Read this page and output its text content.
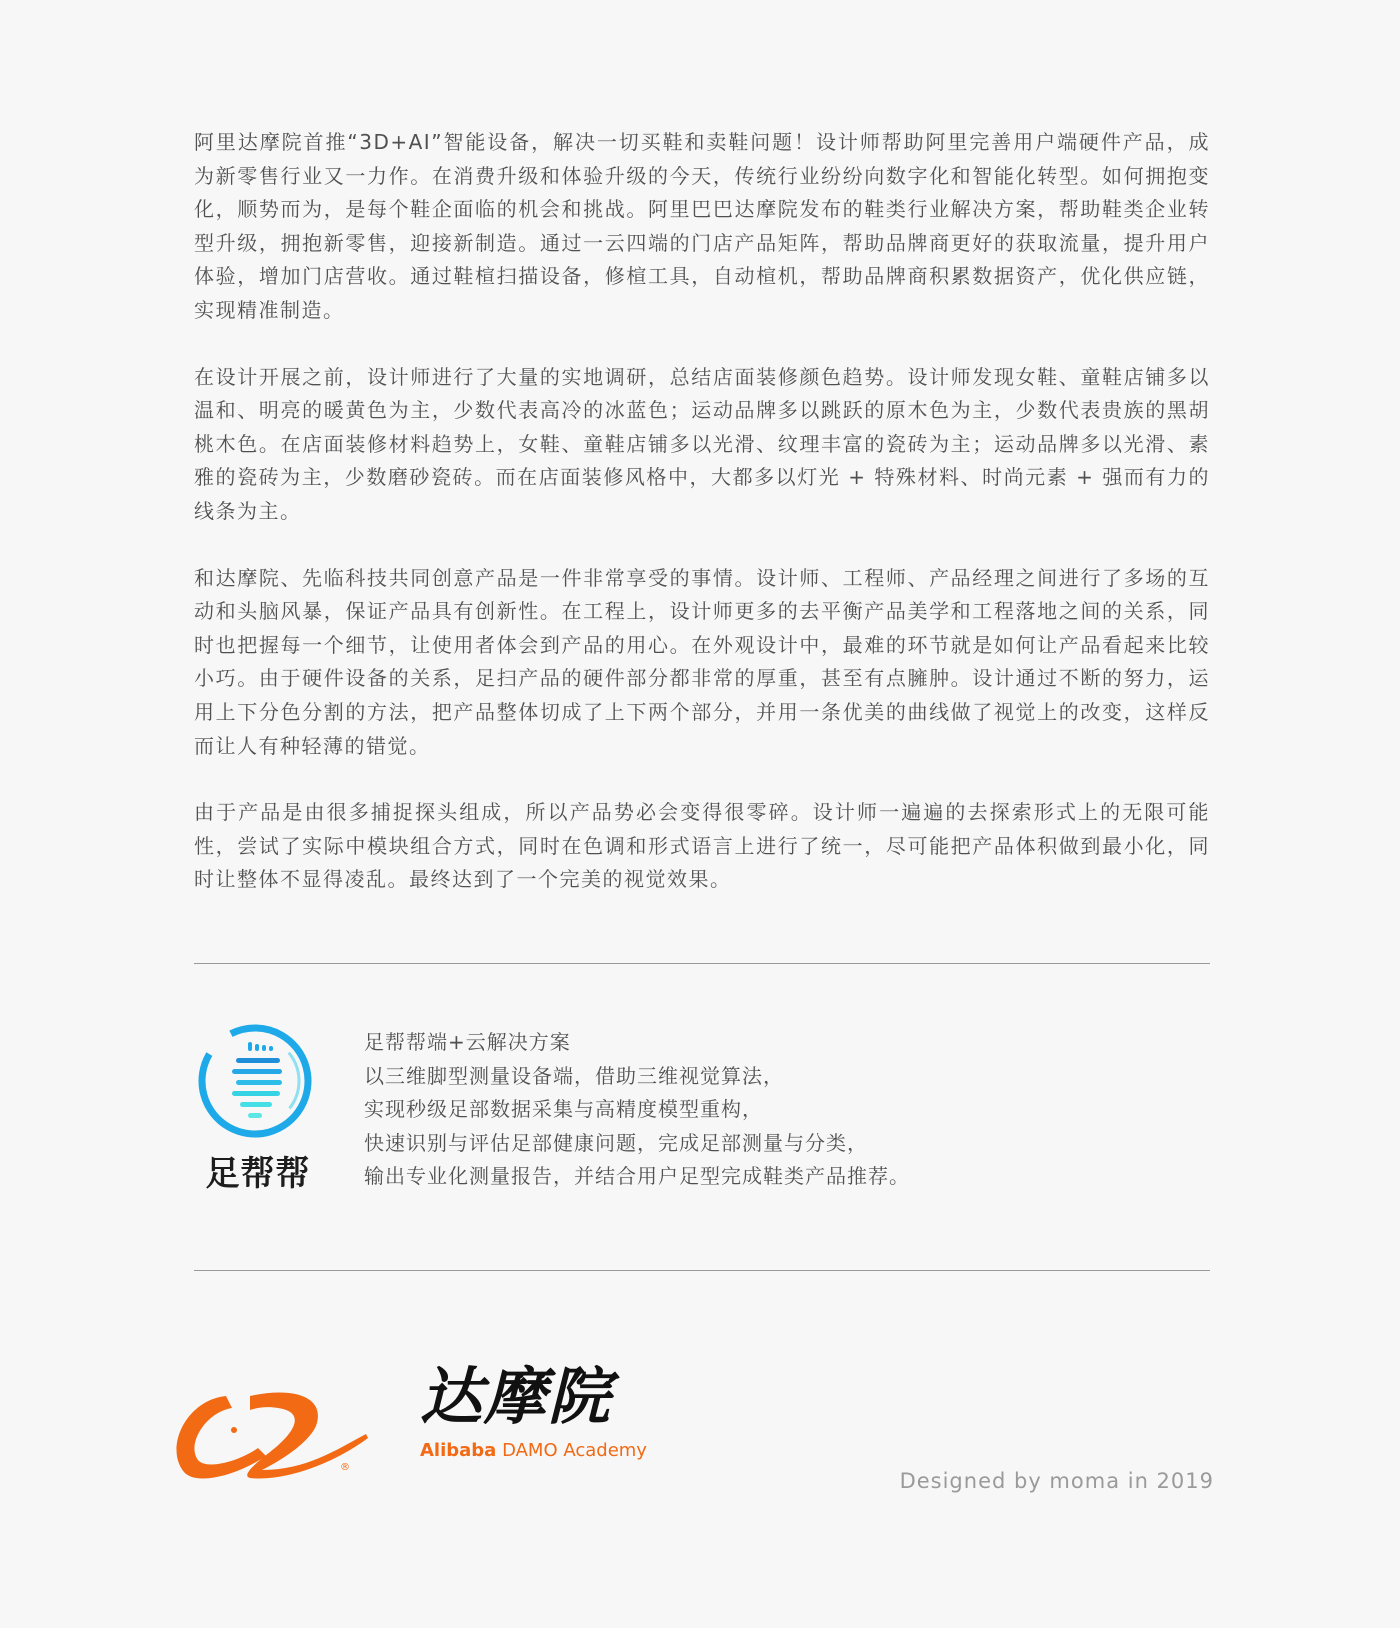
阿里达摩院首推“3D+AI”智能设备，解决一切买鞋和卖鞋问题！设计师帮助阿里完善用户端硬件产品，成为新零售行业又一力作。在消费升级和体验升级的今天，传统行业纷纷向数字化和智能化转型。如何拥抱变化，顺势而为，是每个鞋企面临的机会和挑战。阿里巴巴达摩院发布的鞋类行业解决方案，帮助鞋类企业转型升级，拥抱新零售，迎接新制造。通过一云四端的门店产品矩阵，帮助品牌商更好的获取流量，提升用户体验，增加门店营收。通过鞋楦扫描设备，修楦工具，自动楦机，帮助品牌商积累数据资产，优化供应链，实现精准制造。

在设计开展之前，设计师进行了大量的实地调研，总结店面装修颜色趋势。设计师发现女鞋、童鞋店铺多以温和、明亮的暖黄色为主，少数代表高冷的冰蓝色；运动品牌多以跳跃的原木色为主，少数代表贵族的黑胡桃木色。在店面装修材料趋势上，女鞋、童鞋店铺多以光滑、纹理丰富的瓷砖为主；运动品牌多以光滑、素雅的瓷砖为主，少数磨砂瓷砖。而在店面装修风格中，大都多以灯光 + 特殊材料、时尚元素 + 强而有力的线条为主。

和达摩院、先临科技共同创意产品是一件非常享受的事情。设计师、工程师、产品经理之间进行了多场的互动和头脑风暴，保证产品具有创新性。在工程上，设计师更多的去平衡产品美学和工程落地之间的关系，同时也把握每一个细节，让使用者体会到产品的用心。在外观设计中，最难的环节就是如何让产品看起来比较小巧。由于硬件设备的关系，足扫产品的硬件部分都非常的厚重，甚至有点臃肿。设计通过不断的努力，运用上下分色分割的方法，把产品整体切成了上下两个部分，并用一条优美的曲线做了视觉上的改变，这样反而让人有种轻薄的错觉。

由于产品是由很多捕捉探头组成，所以产品势必会变得很零碎。设计师一遍遍的去探索形式上的无限可能性，尝试了实际中模块组合方式，同时在色调和形式语言上进行了统一，尽可能把产品体积做到最小化，同时让整体不显得凌乱。最终达到了一个完美的视觉效果。

足帮帮
足帮帮端+云解决方案
以三维脚型测量设备端，借助三维视觉算法，
实现秒级足部数据采集与高精度模型重构，
快速识别与评估足部健康问题，完成足部测量与分类，
输出专业化测量报告，并结合用户足型完成鞋类产品推荐。
®
达摩院
Alibaba DAMO Academy
Designed by moma in 2019
